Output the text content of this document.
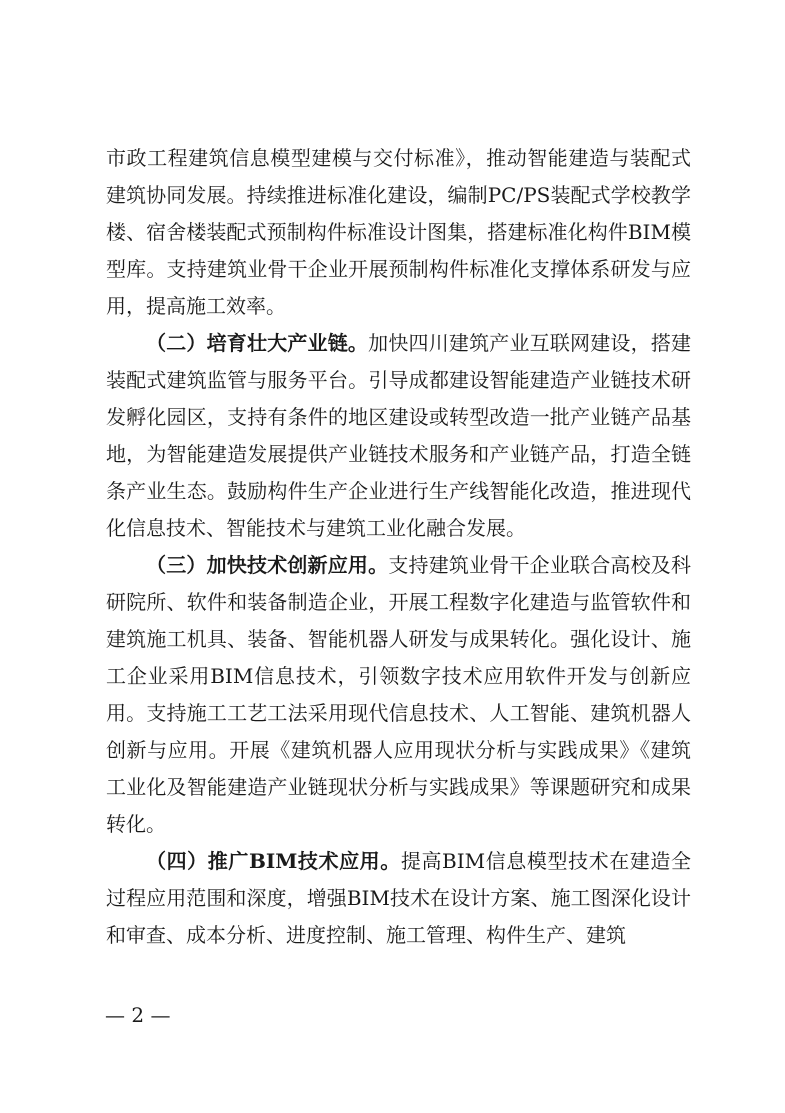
市政工程建筑信息模型建模与交付标准》，推动智能建造与装配式建筑协同发展。持续推进标准化建设，编制PC/PS装配式学校教学楼、宿舍楼装配式预制构件标准设计图集，搭建标准化构件BIM模型库。支持建筑业骨干企业开展预制构件标准化支撑体系研发与应用，提高施工效率。

（二）培育壮大产业链。加快四川建筑产业互联网建设，搭建装配式建筑监管与服务平台。引导成都建设智能建造产业链技术研发孵化园区，支持有条件的地区建设或转型改造一批产业链产品基地，为智能建造发展提供产业链技术服务和产业链产品，打造全链条产业生态。鼓励构件生产企业进行生产线智能化改造，推进现代化信息技术、智能技术与建筑工业化融合发展。

（三）加快技术创新应用。支持建筑业骨干企业联合高校及科研院所、软件和装备制造企业，开展工程数字化建造与监管软件和建筑施工机具、装备、智能机器人研发与成果转化。强化设计、施工企业采用BIM信息技术，引领数字技术应用软件开发与创新应用。支持施工工艺工法采用现代信息技术、人工智能、建筑机器人创新与应用。开展《建筑机器人应用现状分析与实践成果》《建筑工业化及智能建造产业链现状分析与实践成果》等课题研究和成果转化。

（四）推广BIM技术应用。提高BIM信息模型技术在建造全过程应用范围和深度，增强BIM技术在设计方案、施工图深化设计和审查、成本分析、进度控制、施工管理、构件生产、建筑

— 2 —
